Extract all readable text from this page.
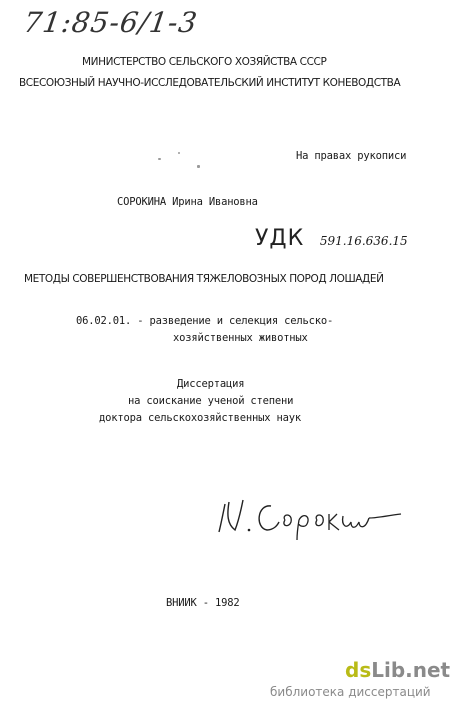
71:85-6/1-3
МИНИСТЕРСТВО СЕЛЬСКОГО ХОЗЯЙСТВА СССР
ВСЕСОЮЗНЫЙ НАУЧНО-ИССЛЕДОВАТЕЛЬСКИЙ ИНСТИТУТ КОНЕВОДСТВА
На правах рукописи
СОРОКИНА Ирина Ивановна
УДК 591.16.636.15
МЕТОДЫ СОВЕРШЕНСТВОВАНИЯ ТЯЖЕЛОВОЗНЫХ ПОРОД ЛОШАДЕЙ
06.02.01. - разведение и селекция сельско-
хозяйственных животных
Диссертация
на соискание ученой степени
доктора сельскохозяйственных наук
ВНИИК - 1982
dsLib.net
библиотека диссертаций
